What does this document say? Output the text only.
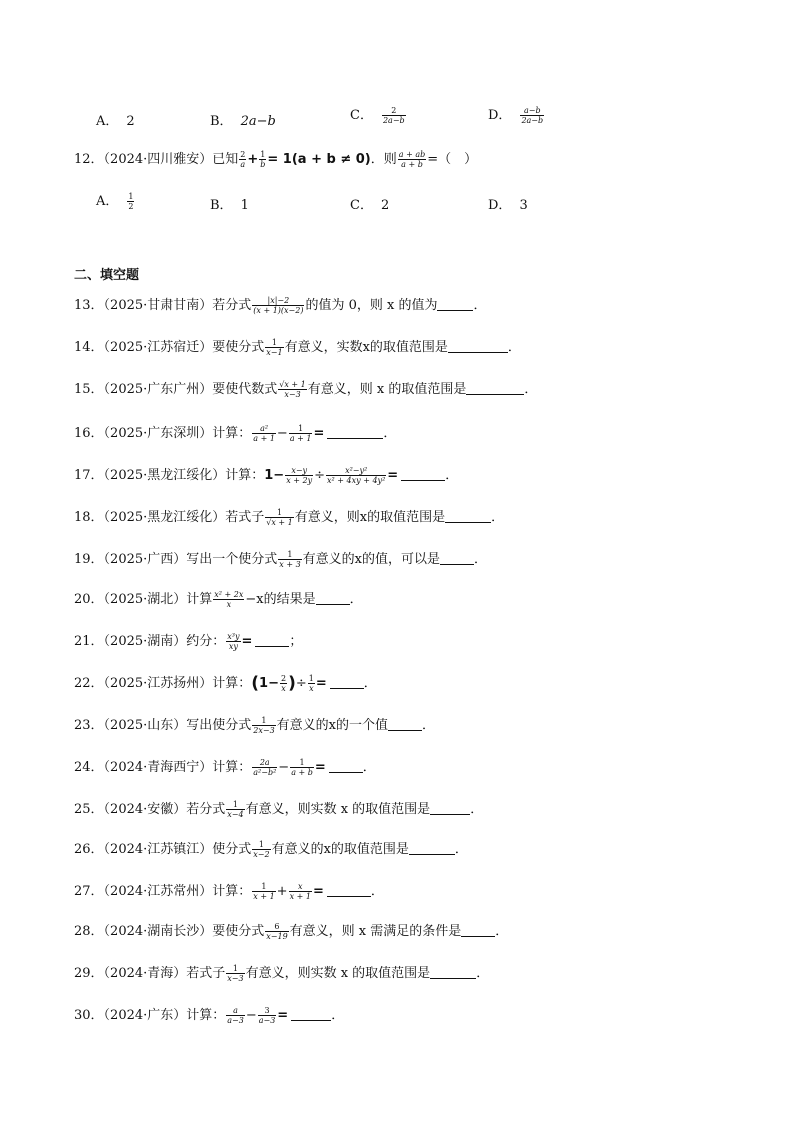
A． 2	B． 2a−b	C． $\frac{2}{2a-b}$	D． $\frac{a-b}{2a-b}$
12．（2024·四川雅安）已知 $\frac{2}{a} + \frac{1}{b} = 1(a + b \ne 0)$．则 $\frac{a + ab}{a + b}$ =（　）
A． $\frac{1}{2}$	B． 1	C． 2	D． 3
二、填空题
13．（2025·甘肃甘南）若分式 $\frac{|x|-2}{(x + 1)(x-2)}$ 的值为 0，则 x 的值为	．
14．（2025·江苏宿迁）要使分式 $\frac{1}{x-1}$ 有意义，实数x的取值范围是	．
15．（2025·广东广州）要使代数式 $\frac{√x + 1}{x-3}$ 有意义，则 x 的取值范围是	．
16．（2025·广东深圳）计算： $\frac{\text{a²}}{a + 1} - \frac{1}{a + 1}$ =	．
17．（2025·黑龙江绥化）计算：$1- \frac{x-y}{x + 2y} \div \frac{\text{x²−y²}}{\text{x² + 4xy + 4y²}}$ =	．
18．（2025·黑龙江绥化）若式子 $\frac{1}{√x + 1}$ 有意义，则x的取值范围是	．
19．（2025·广西）写出一个使分式 $\frac{1}{x + 3}$ 有意义的x的值，可以是	．
20．（2025·湖北）计算 $\frac{\text{x² + 2x}}{x} -x$的结果是	．
21．（2025·湖南）约分： $\frac{\text{x³y}}{xy}$ =	；
22．（2025·江苏扬州）计算：($1- \frac{2}{x}$ )÷ $\frac{1}{x}$ =	．
23．（2025·山东）写出使分式 $\frac{1}{2x-3}$ 有意义的x的一个值	．
24．（2024·青海西宁）计算： $\frac{2a}{\text{a²−b²}} - \frac{1}{a + b}$ =	．
25．（2024·安徽）若分式 $\frac{1}{x-4}$ 有意义，则实数 x 的取值范围是	．
26．（2024·江苏镇江）使分式 $\frac{1}{x-2}$ 有意义的x的取值范围是	．
27．（2024·江苏常州）计算： $\frac{1}{x + 1} + \frac{x}{x + 1}$ =	．
28．（2024·湖南长沙）要使分式 $\frac{6}{x-19}$ 有意义，则 x 需满足的条件是	．
29．（2024·青海）若式子 $\frac{1}{x-3}$ 有意义，则实数 x 的取值范围是	．
30．（2024·广东）计算： $\frac{a}{a-3} - \frac{3}{a-3}$ =	．
